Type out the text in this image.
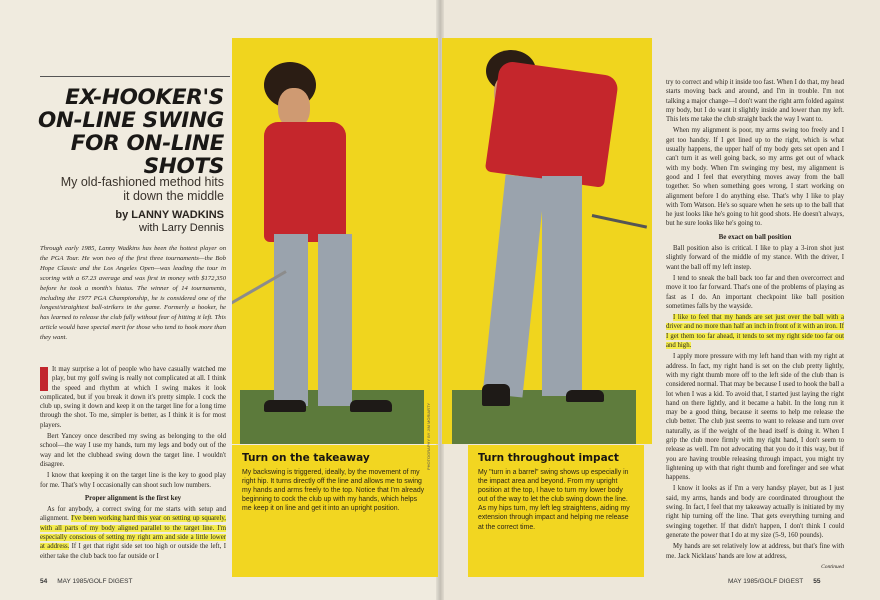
EX-HOOKER'S ON-LINE SWING FOR ON-LINE SHOTS

My old-fashioned method hits it down the middle

by LANNY WADKINS
with Larry Dennis

Through early 1985, Lanny Wadkins has been the hottest player on the PGA Tour. He won two of the first three tournaments—the Bob Hope Classic and the Los Angeles Open—was leading the tour in scoring with a 67.23 average and was first in money with $172,350 before he took a month's hiatus. The winner of 14 tournaments, including the 1977 PGA Championship, he is considered one of the longest/straightest ball-strikers in the game. Formerly a hooker, he has learned to release the club fully without fear of hitting it left. This article would have special merit for those who tend to hook more than they want.

It may surprise a lot of people who have casually watched me play, but my golf swing is really not complicated at all. I think the speed and rhythm at which I swing makes it look complicated, but if you break it down it's pretty simple. I cock the club up, swing it down and keep it on the target line for a long time through the shot. To me, simpler is better, as I think it is for most players.

Bert Yancey once described my swing as belonging to the old school—the way I use my hands, turn my legs and body out of the way and let the clubhead swing down the target line. I wouldn't disagree.

I know that keeping it on the target line is the key to good play for me. That's why I occasionally can shoot such low numbers.

Proper alignment is the first key

As for anybody, a correct swing for me starts with setup and alignment. I've been working hard this year on setting up squarely, with all parts of my body aligned parallel to the target line. I'm especially conscious of setting my right arm and side a little lower at address. If I get that right side set too high or outside the left, I either take the club back too far outside or I

Turn on the takeaway

My backswing is triggered, ideally, by the movement of my right hip. It turns directly off the line and allows me to swing my hands and arms freely to the top. Notice that I'm already beginning to cock the club up with my hands, which helps me keep it on line and get it into an upright position.

PHOTOGRAPHY BY JIM MORIARTY	Turn throughout impact

My "turn in a barrel" swing shows up especially in the impact area and beyond. From my upright position at the top, I have to turn my lower body out of the way to let the club swing down the line. As my hips turn, my left leg straightens, aiding my extension through impact and helping me release at the correct time.

try to correct and whip it inside too fast. When I do that, my head starts moving back and around, and I'm in trouble. I'm not talking a major change—I don't want the right arm folded against my body, but I do want it slightly inside and lower than my left. This lets me take the club straight back the way I want to.

When my alignment is poor, my arms swing too freely and I get too handsy. If I get lined up to the right, which is what usually happens, the upper half of my body gets set open and I can't turn it as well going back, so my arms get out of whack with my body. When I'm swinging my best, my alignment is good and I feel that everything moves away from the ball together. So when something goes wrong, I start working on alignment before I do anything else. That's why I like to play with Tom Watson. He's so square when he sets up to the ball that he just looks like he's going to hit good shots. He doesn't always, but he sure looks like he's going to.

Be exact on ball position

Ball position also is critical. I like to play a 3-iron shot just slightly forward of the middle of my stance. With the driver, I want the ball off my left instep.

I tend to sneak the ball back too far and then overcorrect and move it too far forward. That's one of the problems of playing as fast as I do. An important checkpoint like ball position sometimes falls by the wayside.

I like to feel that my hands are set just over the ball with a driver and no more than half an inch in front of it with an iron. If I get them too far ahead, it tends to set my right side too far out and high.

I apply more pressure with my left hand than with my right at address. In fact, my right hand is set on the club pretty lightly, with my right thumb more off to the left side of the club than is considered normal. That may be because I used to hook the ball a lot when I was a kid. To avoid that, I started just laying the right hand on there lightly, and it became a habit. In the long run it may be a good thing, because it seems to help me release the club better. The club just seems to want to release and turn over naturally, as if the weight of the head itself is doing it. When I grip the club more firmly with my right hand, I don't seem to release as well. I'm not advocating that you do it this way, but if you are having trouble releasing through impact, you might try lightening up with that right thumb and forefinger and see what happens.

I know it looks as if I'm a very handsy player, but as I just said, my arms, hands and body are coordinated throughout the swing. In fact, I feel that my takeaway actually is initiated by my right hip turning off the line. That gets everything turning and swinging together. If that didn't happen, I don't think I could generate the power that I do at my size (5-9, 160 pounds).

My hands are set relatively low at address, but that's fine with me. Jack Nicklaus' hands are low at address,

Continued
54 MAY 1985/GOLF DIGEST	MAY 1985/GOLF DIGEST 55
